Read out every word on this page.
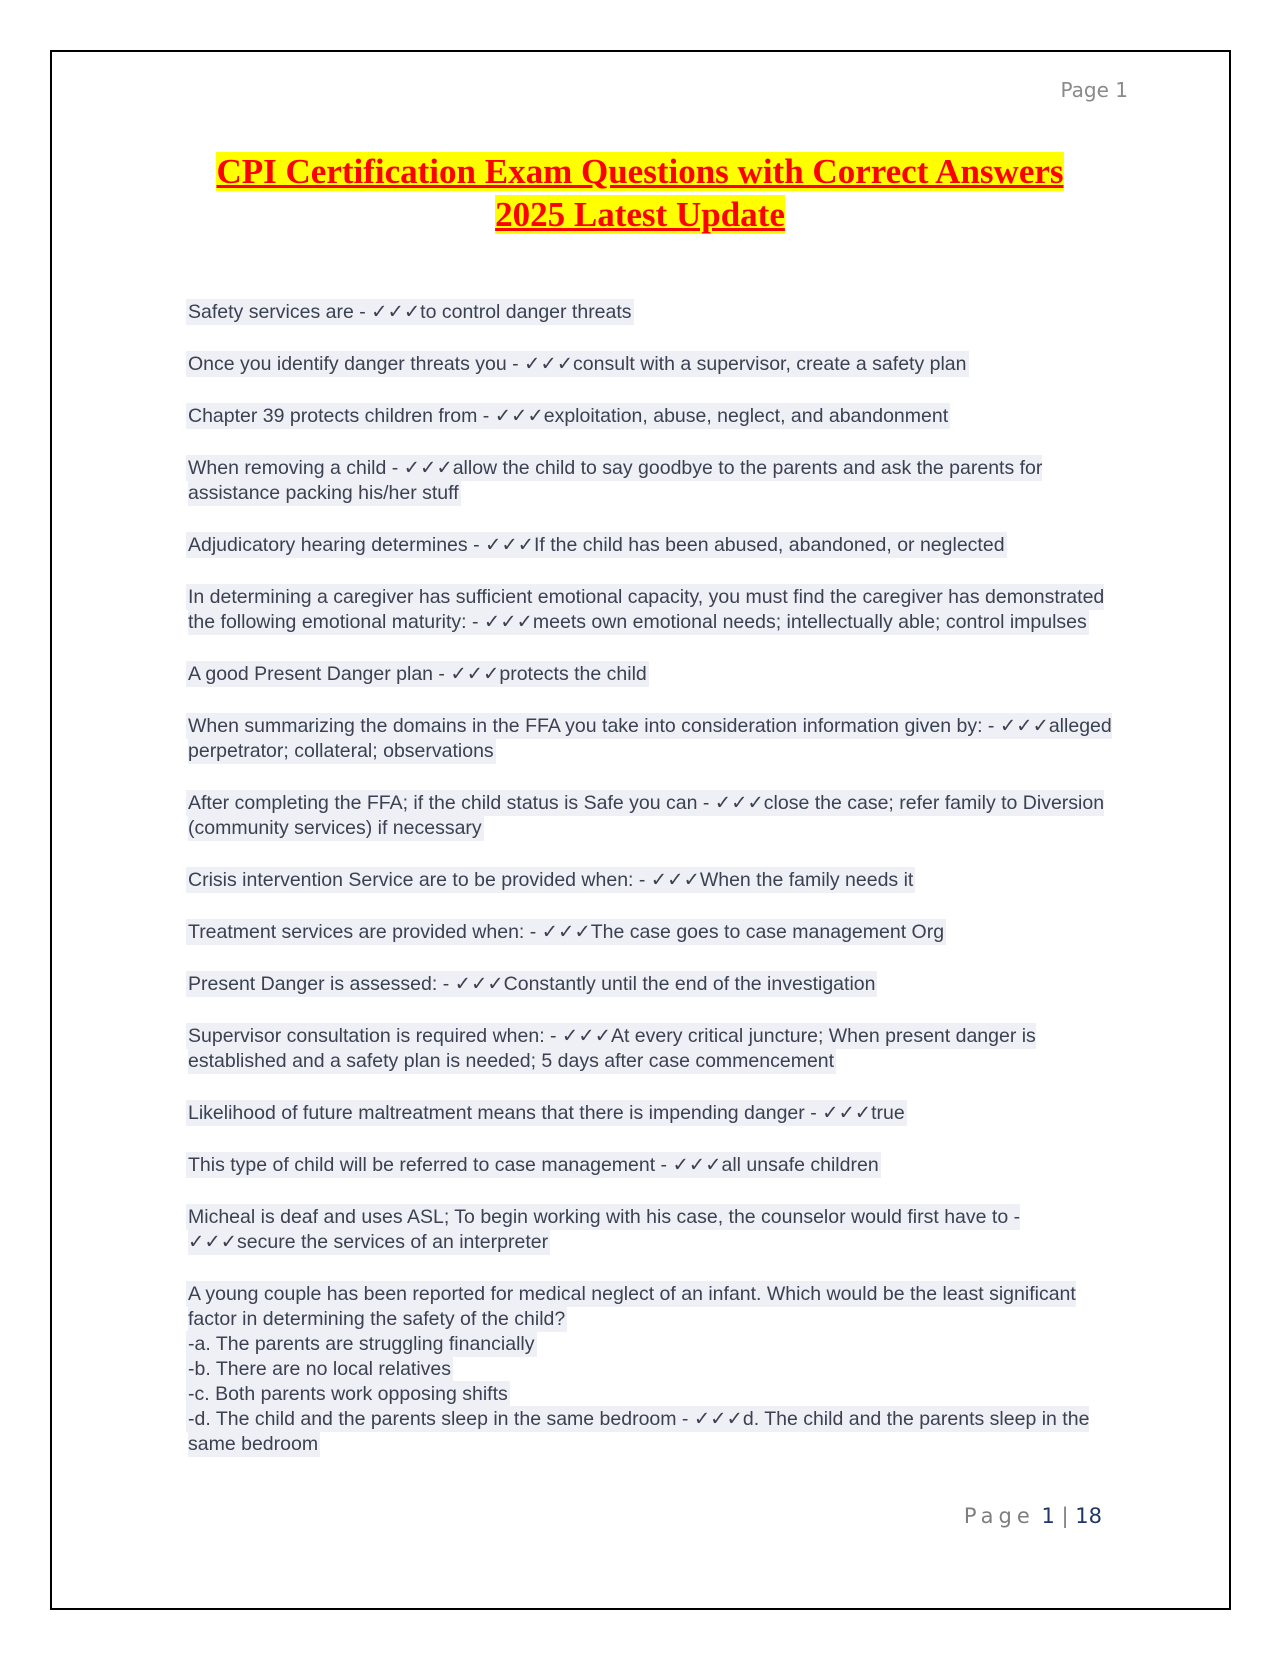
Page 1
CPI Certification Exam Questions with Correct Answers
2025 Latest Update

Safety services are - ✓✓✓to control danger threats

Once you identify danger threats you - ✓✓✓consult with a supervisor, create a safety plan

Chapter 39 protects children from - ✓✓✓exploitation, abuse, neglect, and abandonment

When removing a child - ✓✓✓allow the child to say goodbye to the parents and ask the parents for assistance packing his/her stuff

Adjudicatory hearing determines - ✓✓✓If the child has been abused, abandoned, or neglected

In determining a caregiver has sufficient emotional capacity, you must find the caregiver has demonstrated the following emotional maturity: - ✓✓✓meets own emotional needs; intellectually able; control impulses

A good Present Danger plan - ✓✓✓protects the child

When summarizing the domains in the FFA you take into consideration information given by: - ✓✓✓alleged perpetrator; collateral; observations

After completing the FFA; if the child status is Safe you can - ✓✓✓close the case; refer family to Diversion (community services) if necessary

Crisis intervention Service are to be provided when: - ✓✓✓When the family needs it

Treatment services are provided when: - ✓✓✓The case goes to case management Org

Present Danger is assessed: - ✓✓✓Constantly until the end of the investigation

Supervisor consultation is required when: - ✓✓✓At every critical juncture; When present danger is established and a safety plan is needed; 5 days after case commencement

Likelihood of future maltreatment means that there is impending danger - ✓✓✓true

This type of child will be referred to case management - ✓✓✓all unsafe children

Micheal is deaf and uses ASL; To begin working with his case, the counselor would first have to - ✓✓✓secure the services of an interpreter

A young couple has been reported for medical neglect of an infant. Which would be the least significant factor in determining the safety of the child?
-a. The parents are struggling financially
-b. There are no local relatives
-c. Both parents work opposing shifts
-d. The child and the parents sleep in the same bedroom - ✓✓✓d. The child and the parents sleep in the same bedroom

Page 1 | 18
